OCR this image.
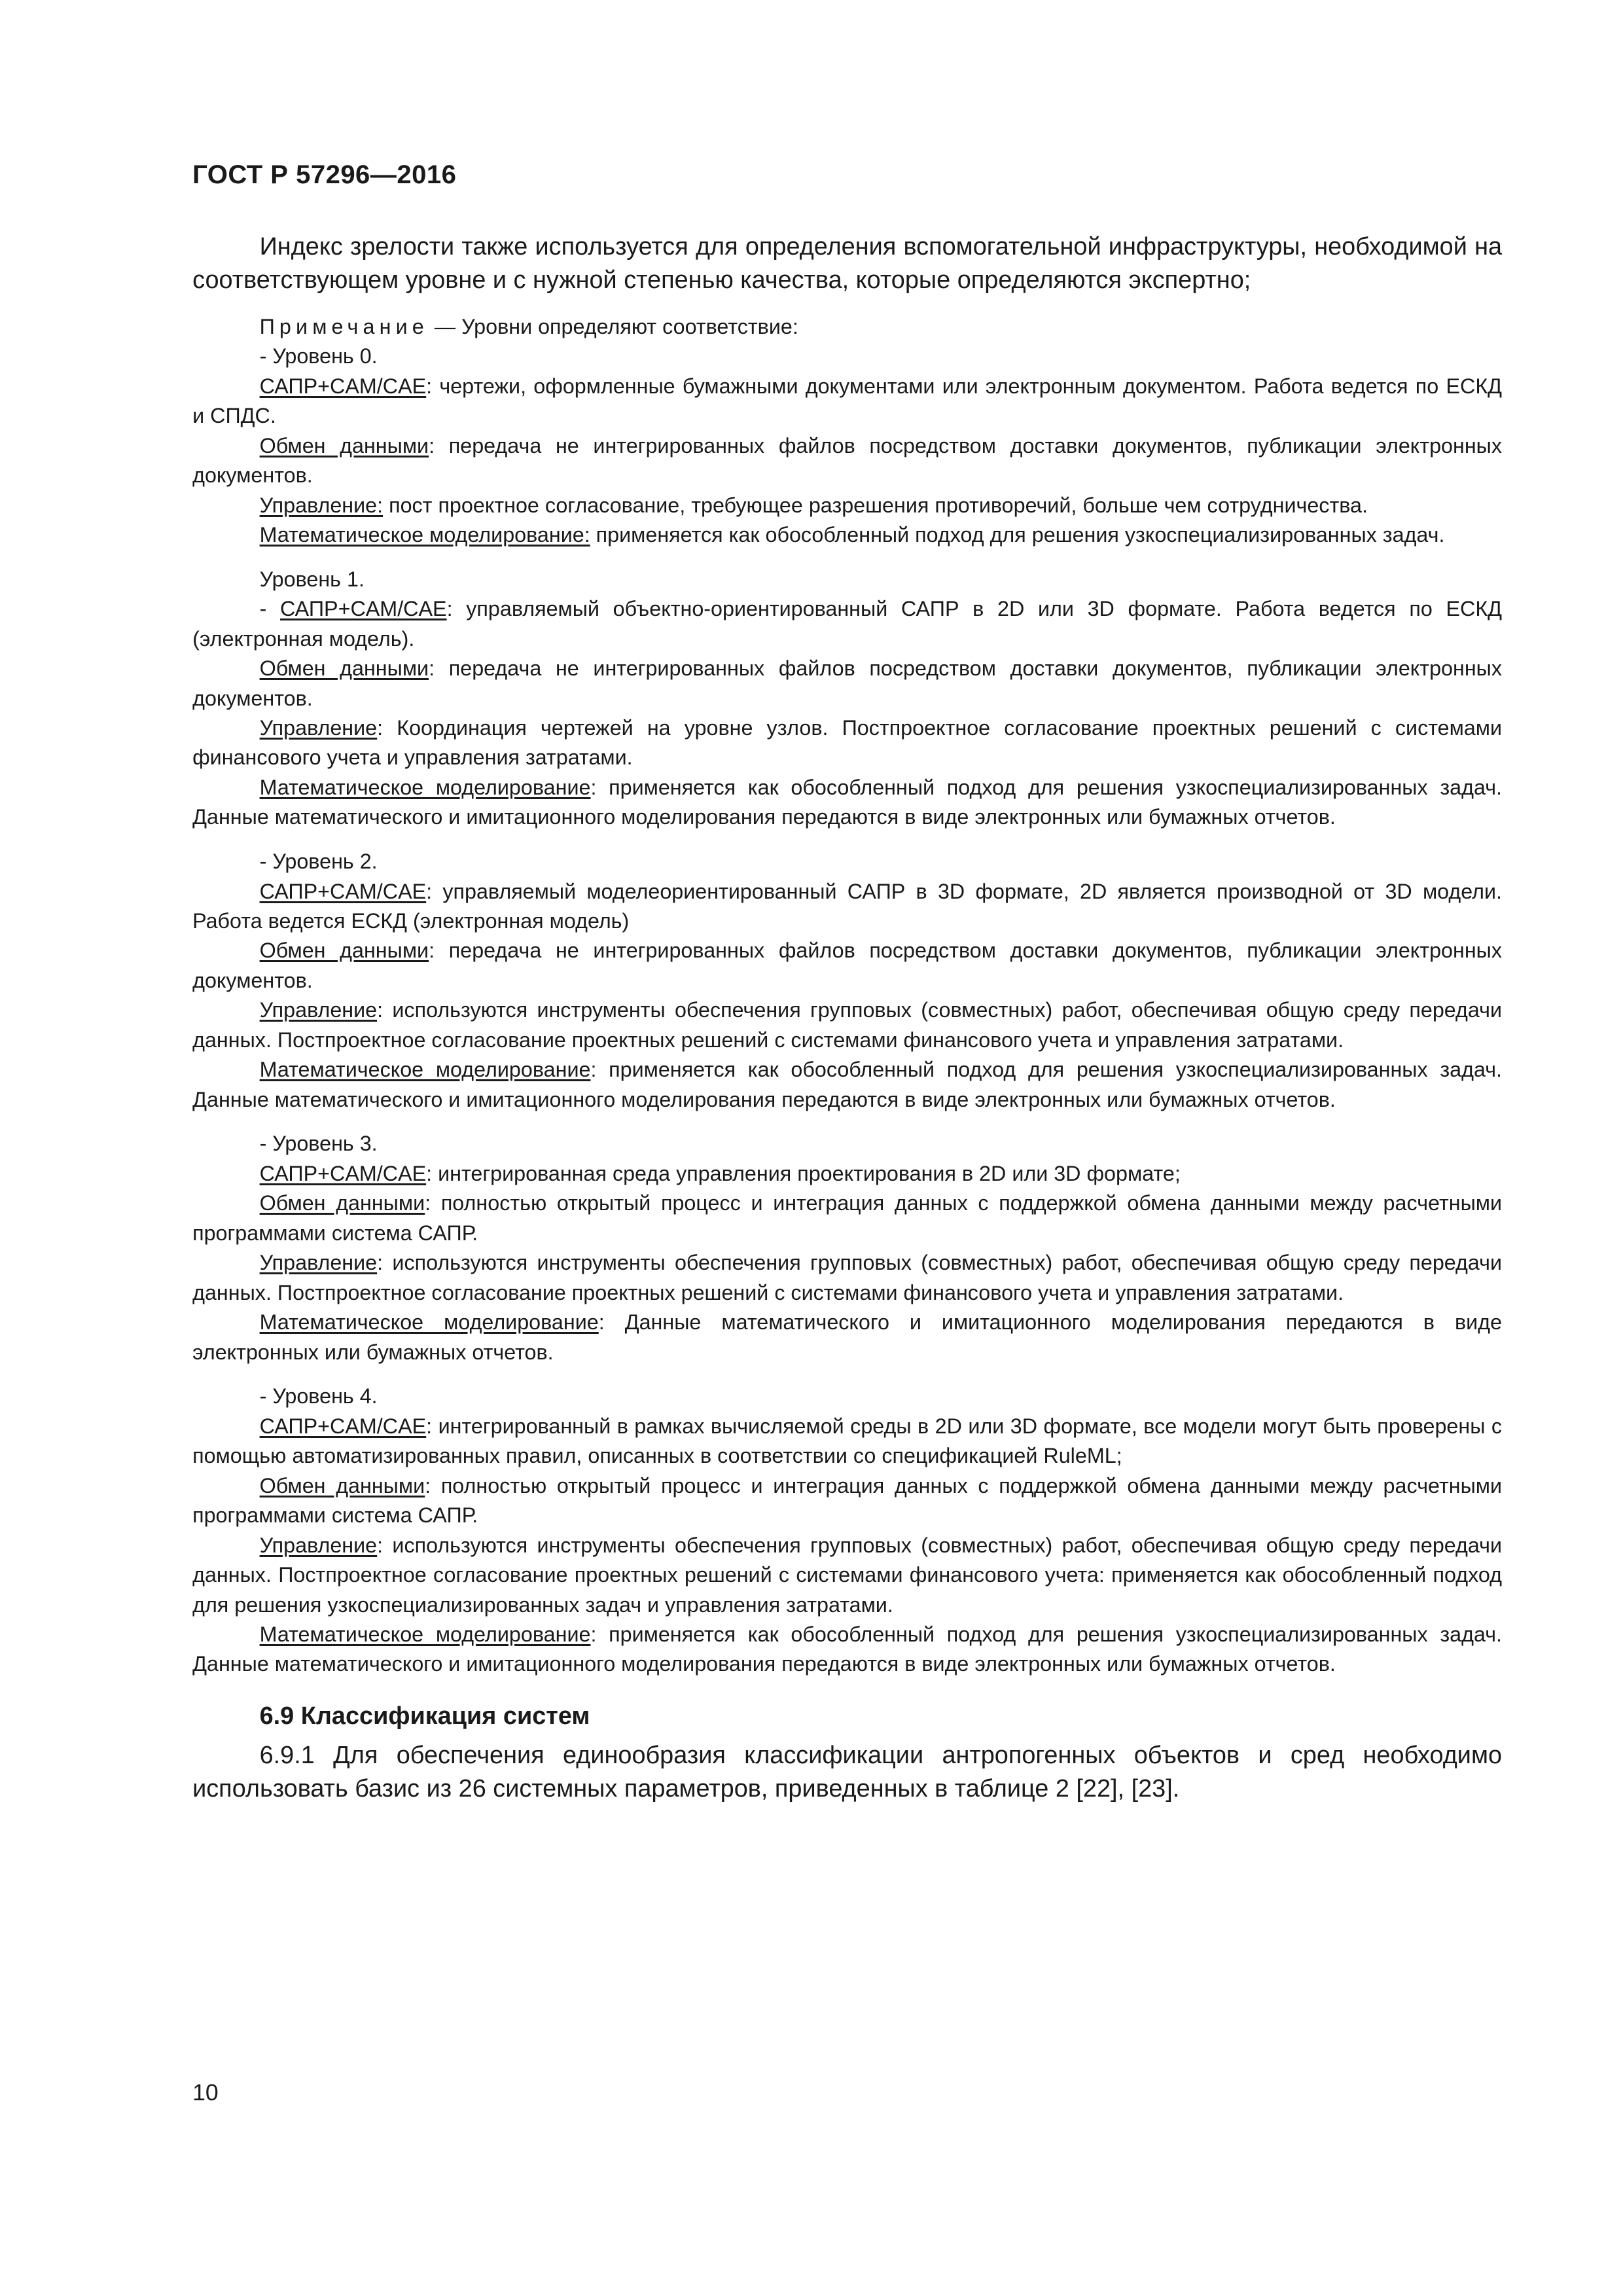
ГОСТ Р 57296—2016

Индекс зрелости также используется для определения вспомогательной инфраструктуры, необходимой на соответствующем уровне и с нужной степенью качества, которые определяются экспертно;

Примечание — Уровни определяют соответствие:

- Уровень 0.

САПР+CAM/CAE: чертежи, оформленные бумажными документами или электронным документом. Работа ведется по ЕСКД и СПДС.

Обмен данными: передача не интегрированных файлов посредством доставки документов, публикации электронных документов.

Управление: пост проектное согласование, требующее разрешения противоречий, больше чем сотрудничества.

Математическое моделирование: применяется как обособленный подход для решения узкоспециализированных задач.

Уровень 1.

- САПР+CAM/CAE: управляемый объектно-ориентированный САПР в 2D или 3D формате. Работа ведется по ЕСКД (электронная модель).

Обмен данными: передача не интегрированных файлов посредством доставки документов, публикации электронных документов.

Управление: Координация чертежей на уровне узлов. Постпроектное согласование проектных решений с системами финансового учета и управления затратами.

Математическое моделирование: применяется как обособленный подход для решения узкоспециализированных задач. Данные математического и имитационного моделирования передаются в виде электронных или бумажных отчетов.

- Уровень 2.

САПР+CAM/CAE: управляемый моделеориентированный САПР в 3D формате, 2D является производной от 3D модели. Работа ведется ЕСКД (электронная модель)

Обмен данными: передача не интегрированных файлов посредством доставки документов, публикации электронных документов.

Управление: используются инструменты обеспечения групповых (совместных) работ, обеспечивая общую среду передачи данных. Постпроектное согласование проектных решений с системами финансового учета и управления затратами.

Математическое моделирование: применяется как обособленный подход для решения узкоспециализированных задач. Данные математического и имитационного моделирования передаются в виде электронных или бумажных отчетов.

- Уровень 3.

САПР+CAM/CAE: интегрированная среда управления проектирования в 2D или 3D формате;

Обмен данными: полностью открытый процесс и интеграция данных с поддержкой обмена данными между расчетными программами система САПР.

Управление: используются инструменты обеспечения групповых (совместных) работ, обеспечивая общую среду передачи данных. Постпроектное согласование проектных решений с системами финансового учета и управления затратами.

Математическое моделирование: Данные математического и имитационного моделирования передаются в виде электронных или бумажных отчетов.

- Уровень 4.

САПР+CAM/CAE: интегрированный в рамках вычисляемой среды в 2D или 3D формате, все модели могут быть проверены с помощью автоматизированных правил, описанных в соответствии со спецификацией RuleML;

Обмен данными: полностью открытый процесс и интеграция данных с поддержкой обмена данными между расчетными программами система САПР.

Управление: используются инструменты обеспечения групповых (совместных) работ, обеспечивая общую среду передачи данных. Постпроектное согласование проектных решений с системами финансового учета: применяется как обособленный подход для решения узкоспециализированных задач и управления затратами.

Математическое моделирование: применяется как обособленный подход для решения узкоспециализированных задач. Данные математического и имитационного моделирования передаются в виде электронных или бумажных отчетов.

6.9 Классификация систем

6.9.1 Для обеспечения единообразия классификации антропогенных объектов и сред необходимо использовать базис из 26 системных параметров, приведенных в таблице 2 [22], [23].

10
